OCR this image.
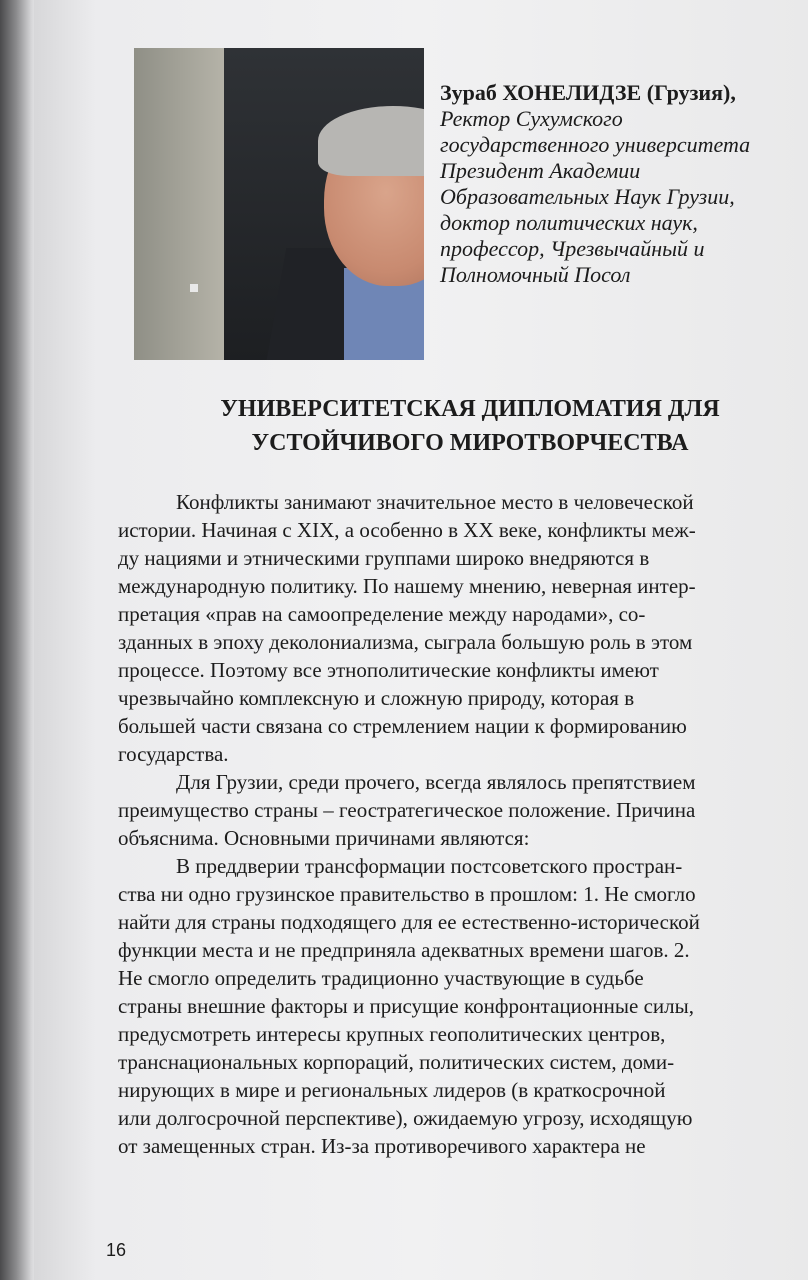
Зураб ХОНЕЛИДЗЕ (Грузия),
Ректор Сухумского
государственного университета
Президент Академии
Образовательных Наук Грузии,
доктор политических наук,
профессор, Чрезвычайный и
Полномочный Посол
УНИВЕРСИТЕТСКАЯ ДИПЛОМАТИЯ ДЛЯ
УСТОЙЧИВОГО МИРОТВОРЧЕСТВА

Конфликты занимают значительное место в человеческой

истории. Начиная с XIX, а особенно в XX веке, конфликты меж-
ду нациями и этническими группами широко внедряются в
международную политику. По нашему мнению, неверная интер-
претация «прав на самоопределение между народами», со-
зданных в эпоху деколониализма, сыграла большую роль в этом
процессе. Поэтому все этнополитические конфликты имеют
чрезвычайно комплексную и сложную природу, которая в
большей части связана со стремлением нации к формированию
государства.

Для Грузии, среди прочего, всегда являлось препятствием

преимущество страны – геостратегическое положение. Причина
объяснима. Основными причинами являются:

В преддверии трансформации постсоветского простран-

ства ни одно грузинское правительство в прошлом: 1. Не смогло
найти для страны подходящего для ее естественно-исторической
функции места и не предприняла адекватных времени шагов. 2.
Не смогло определить традиционно участвующие в судьбе
страны внешние факторы и присущие конфронтационные силы,
предусмотреть интересы крупных геополитических центров,
транснациональных корпораций, политических систем, доми-
нирующих в мире и региональных лидеров (в краткосрочной
или долгосрочной перспективе), ожидаемую угрозу, исходящую
от замещенных стран. Из-за противоречивого характера не

16
